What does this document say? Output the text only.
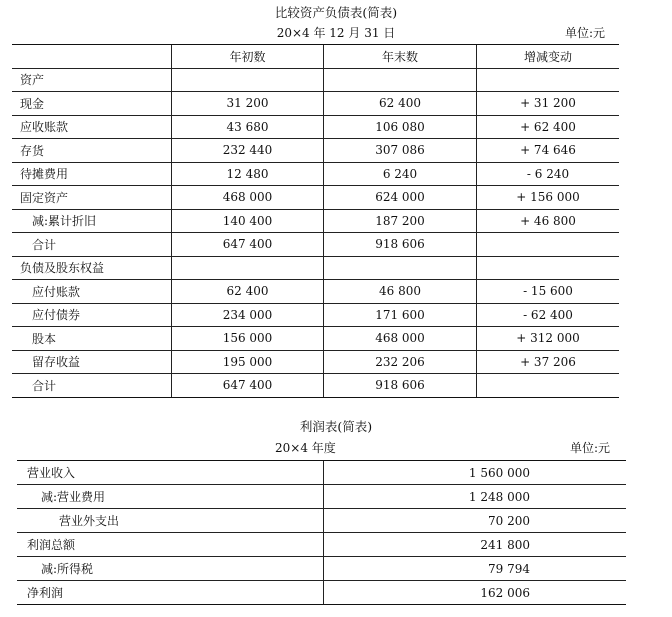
比较资产负债表(简表)
20×4 年 12 月 31 日	单位:元
	年初数	年末数	增减变动
资产			
现金	31 200	62 400	+ 31 200
应收账款	43 680	106 080	+ 62 400
存货	232 440	307 086	+ 74 646
待摊费用	12 480	6 240	- 6 240
固定资产	468 000	624 000	+ 156 000
减:累计折旧	140 400	187 200	+ 46 800
合计	647 400	918 606	
负债及股东权益			
应付账款	62 400	46 800	- 15 600
应付债券	234 000	171 600	- 62 400
股本	156 000	468 000	+ 312 000
留存收益	195 000	232 206	+ 37 206
合计	647 400	918 606	
利润表(简表)
20×4 年度	单位:元
营业收入	1 560 000
减:营业费用	1 248 000
营业外支出	70 200
利润总额	241 800
减:所得税	79 794
净利润	162 006
